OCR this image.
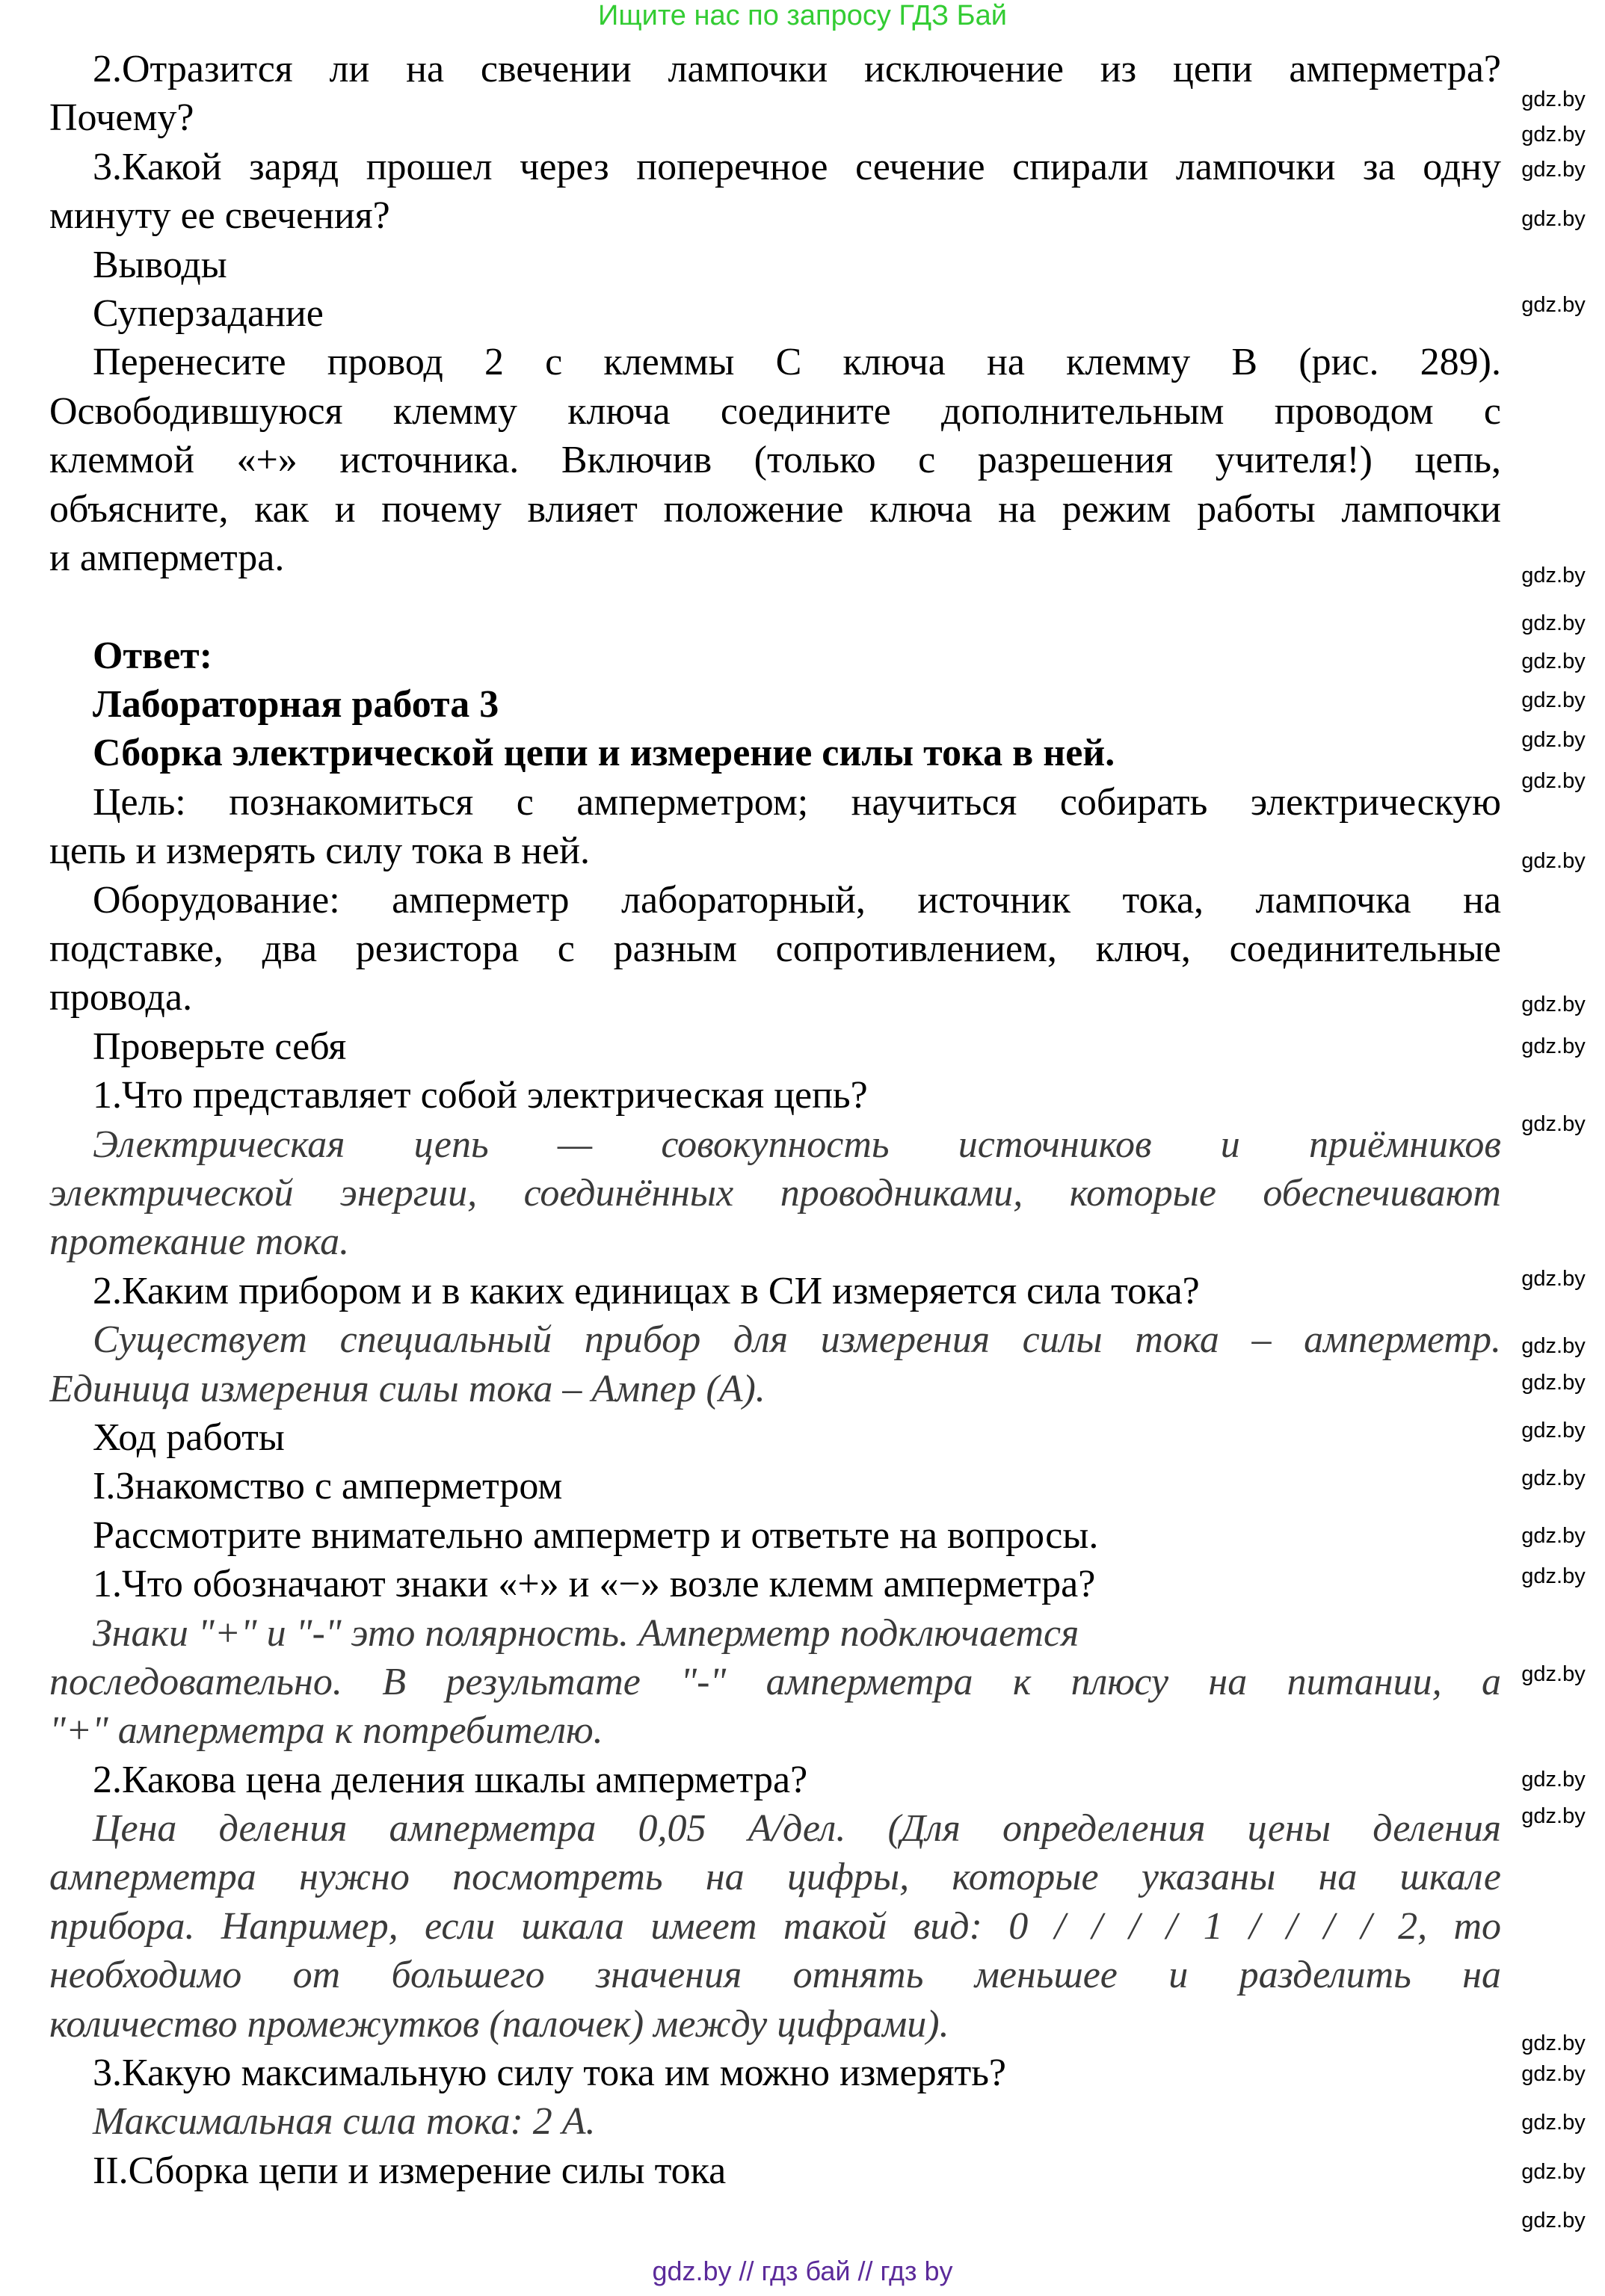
Ищите нас по запросу ГДЗ Бай
2.Отразится ли на свечении лампочки исключение из цепи амперметра?
Почему?
3.Какой заряд прошел через поперечное сечение спирали лампочки за одну
минуту ее свечения?
Выводы
Суперзадание
Перенесите провод 2 с клеммы С ключа на клемму В (рис. 289).
Освободившуюся клемму ключа соедините дополнительным проводом с
клеммой «+» источника. Включив (только с разрешения учителя!) цепь,
объясните, как и почему влияет положение ключа на режим работы лампочки
и амперметра.
Ответ:
Лабораторная работа 3
Сборка электрической цепи и измерение силы тока в ней.
Цель: познакомиться с амперметром; научиться собирать электрическую
цепь и измерять силу тока в ней.
Оборудование: амперметр лабораторный, источник тока, лампочка на
подставке, два резистора с разным сопротивлением, ключ, соединительные
провода.
Проверьте себя
1.Что представляет собой электрическая цепь?
Электрическая цепь — совокупность источников и приёмников
электрической энергии, соединённых проводниками, которые обеспечивают
протекание тока.
2.Каким прибором и в каких единицах в СИ измеряется сила тока?
Существует специальный прибор для измерения силы тока – амперметр.
Единица измерения силы тока – Ампер (А).
Ход работы
I.Знакомство с амперметром
Рассмотрите внимательно амперметр и ответьте на вопросы.
1.Что обозначают знаки «+» и «−» возле клемм амперметра?
Знаки "+" и "-" это полярность. Амперметр подключается
последовательно. В результате "-" амперметра к плюсу на питании, а
"+" амперметра к потребителю.
2.Какова цена деления шкалы амперметра?
Цена деления амперметра 0,05 А/дел. (Для определения цены деления
амперметра нужно посмотреть на цифры, которые указаны на шкале
прибора. Например, если шкала имеет такой вид: 0 / / / / 1 / / / / 2, то
необходимо от большего значения отнять меньшее и разделить на
количество промежутков (палочек) между цифрами).
3.Какую максимальную силу тока им можно измерять?
Максимальная сила тока: 2 А.
II.Сборка цепи и измерение силы тока
gdz.by // гдз бай // гдз by
gdz.by
gdz.by
gdz.by
gdz.by
gdz.by
gdz.by
gdz.by
gdz.by
gdz.by
gdz.by
gdz.by
gdz.by
gdz.by
gdz.by
gdz.by
gdz.by
gdz.by
gdz.by
gdz.by
gdz.by
gdz.by
gdz.by
gdz.by
gdz.by
gdz.by
gdz.by
gdz.by
gdz.by
gdz.by
gdz.by
